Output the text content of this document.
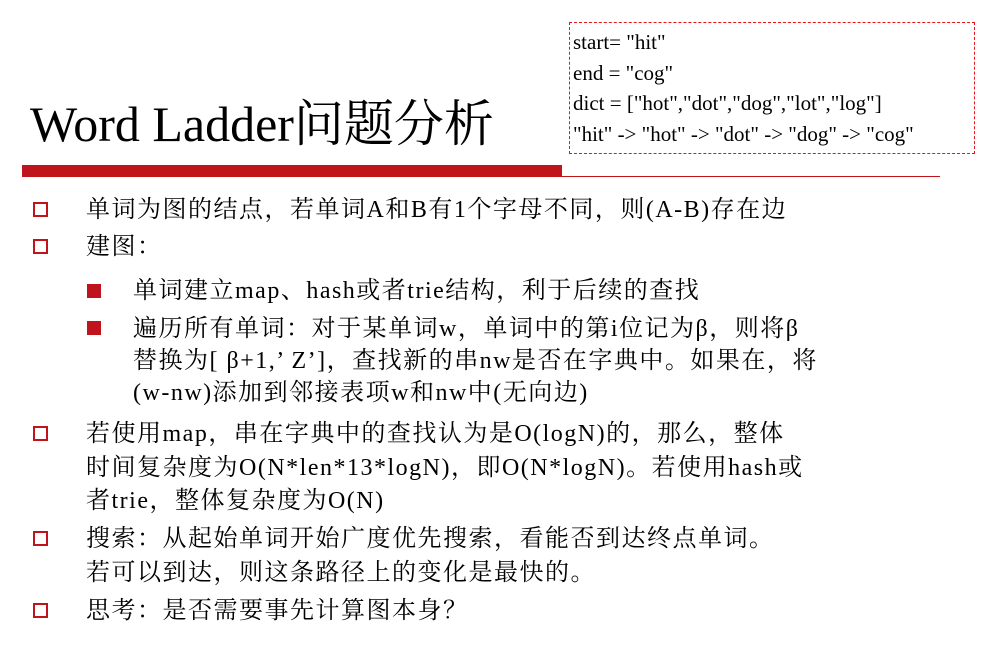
Word Ladder问题分析
start= "hit"
end = "cog"
dict = ["hot","dot","dog","lot","log"]
"hit" -> "hot" -> "dot" -> "dog" -> "cog"
单词为图的结点，若单词A和B有1个字母不同，则(A-B)存在边
建图：
单词建立map、hash或者trie结构，利于后续的查找
遍历所有单词：对于某单词w，单词中的第i位记为β，则将β
替换为[ β+1,’ Z’]，查找新的串nw是否在字典中。如果在，将
(w-nw)添加到邻接表项w和nw中(无向边)
若使用map，串在字典中的查找认为是O(logN)的，那么，整体
时间复杂度为O(N*len*13*logN)，即O(N*logN)。若使用hash或
者trie，整体复杂度为O(N)
搜索：从起始单词开始广度优先搜索，看能否到达终点单词。
若可以到达，则这条路径上的变化是最快的。
思考：是否需要事先计算图本身？
